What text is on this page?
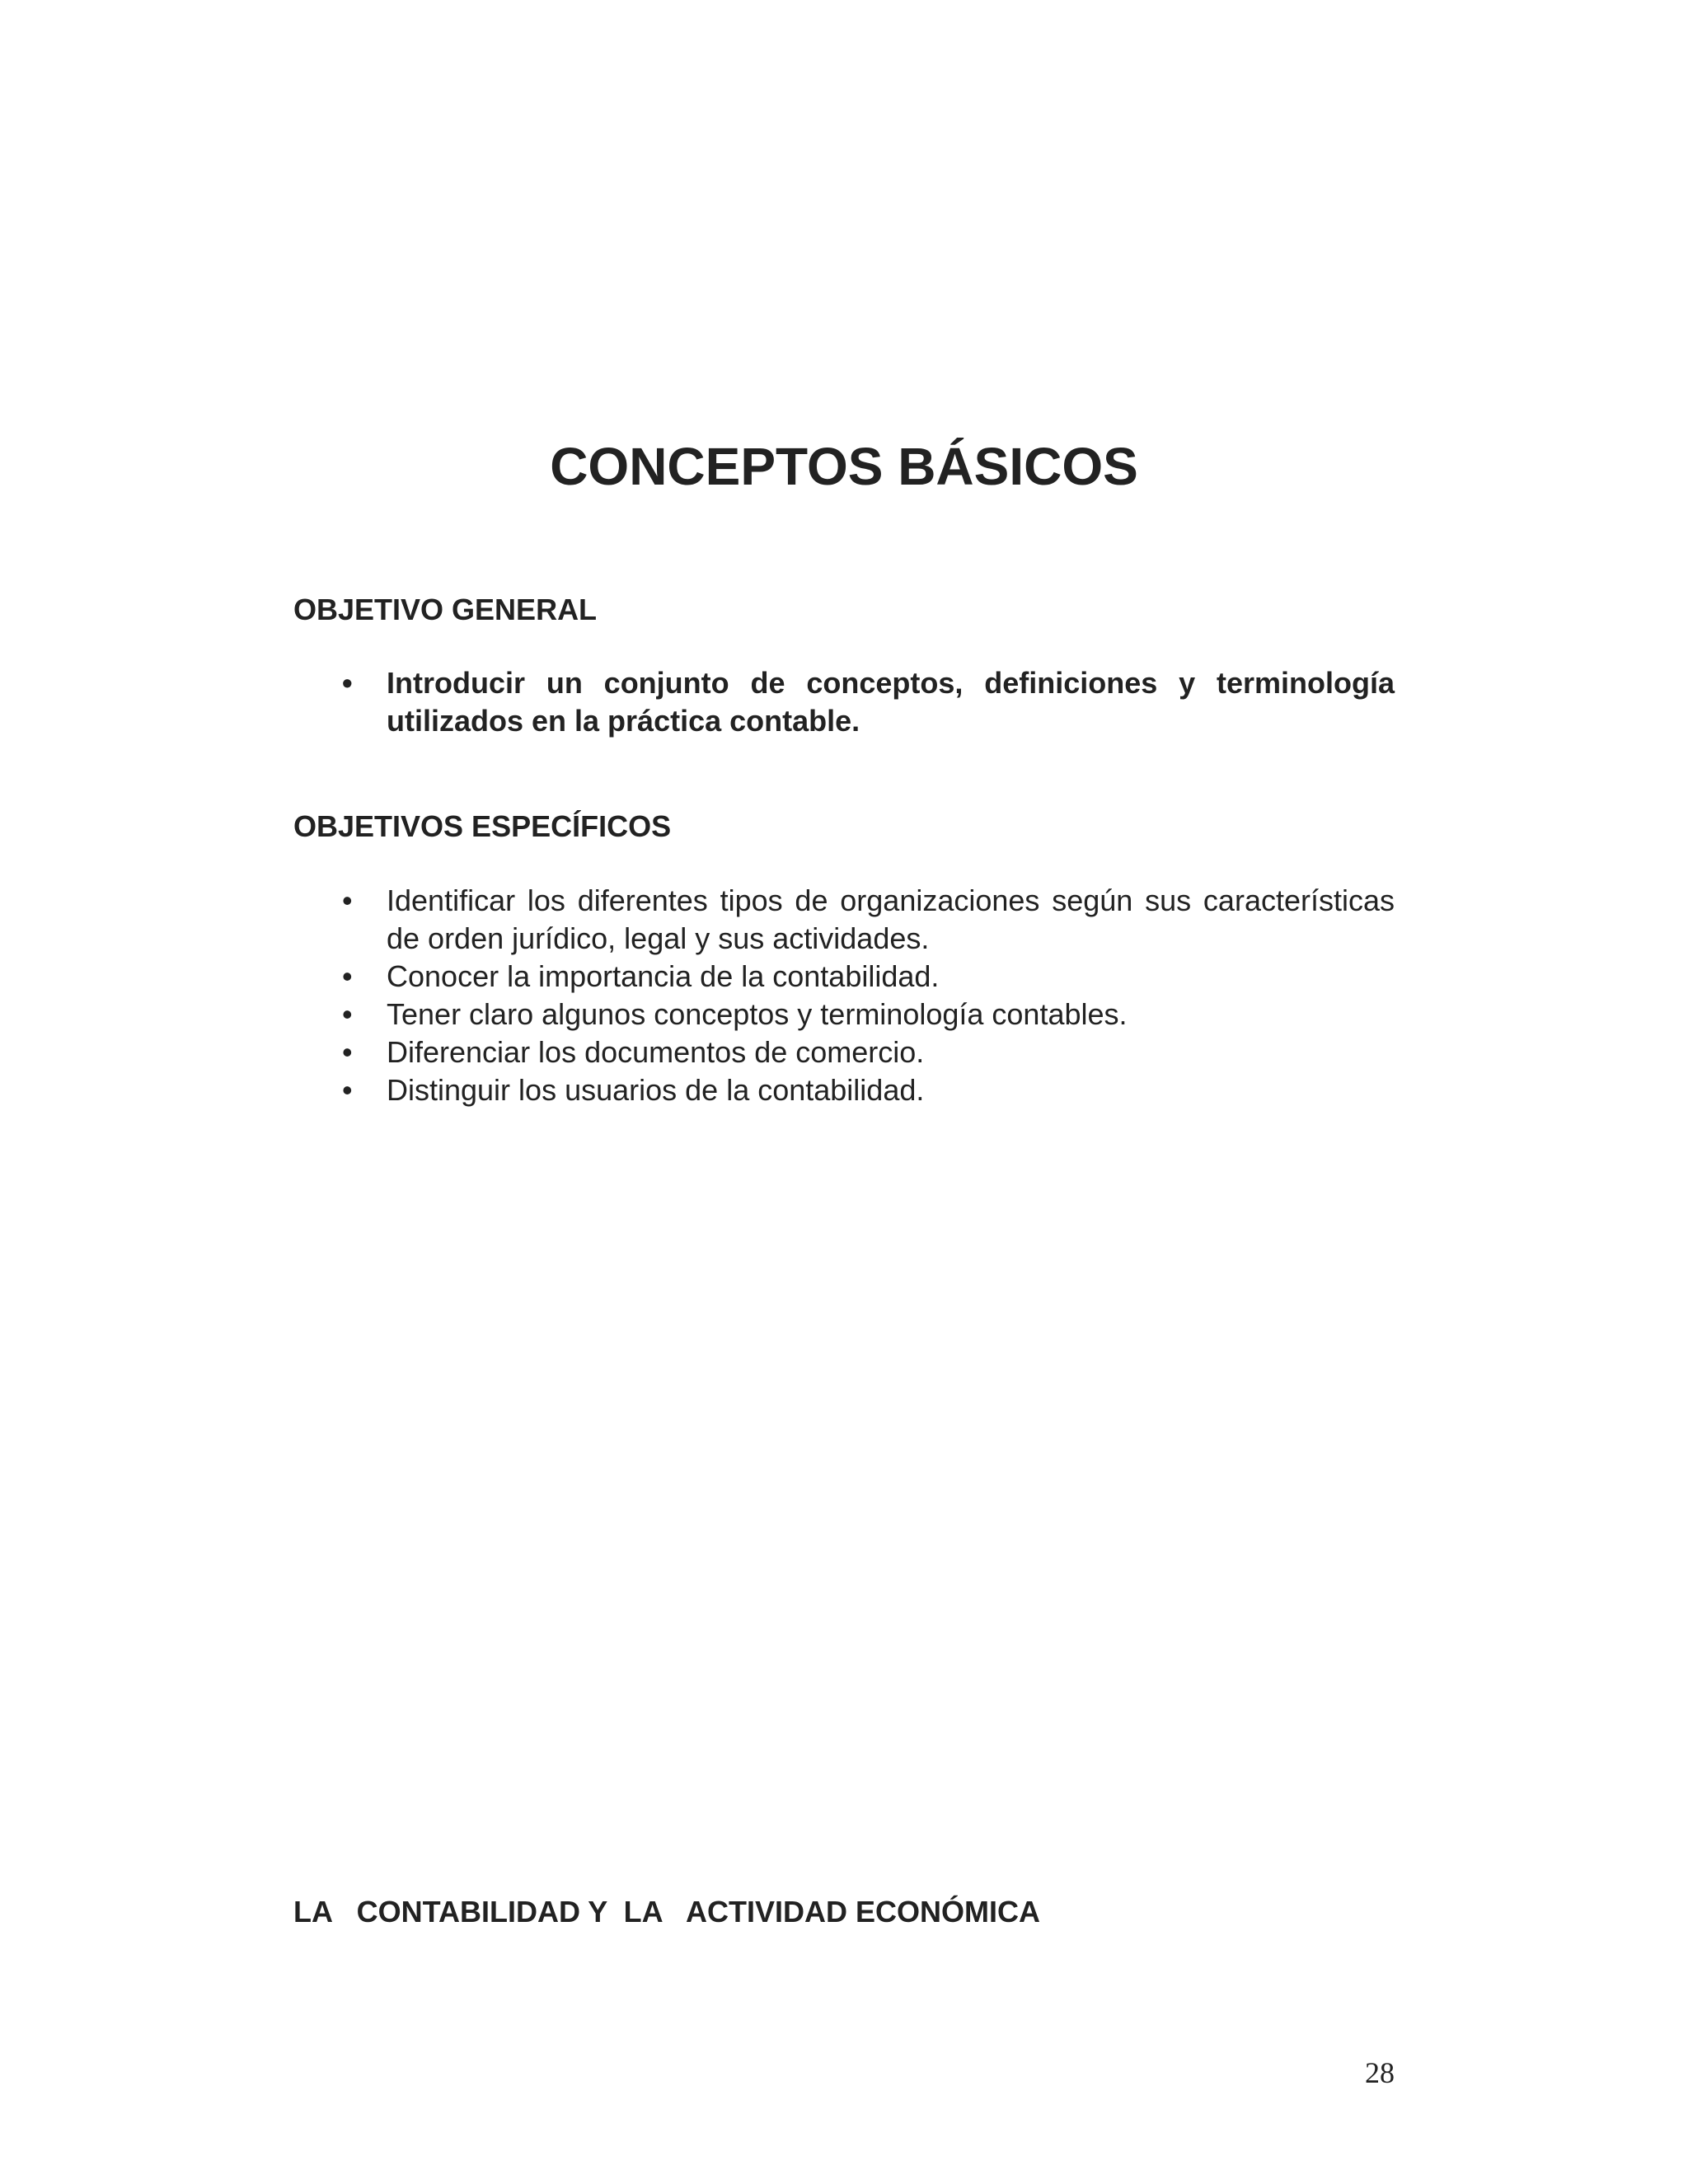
CONCEPTOS BÁSICOS
OBJETIVO GENERAL
• Introducir un conjunto de conceptos, definiciones y terminología utilizados en la práctica contable.
OBJETIVOS ESPECÍFICOS
• Identificar los diferentes tipos de organizaciones según sus características de orden jurídico, legal y sus actividades.
• Conocer la importancia de la contabilidad.
• Tener claro algunos conceptos y terminología contables.
• Diferenciar los documentos de comercio.
• Distinguir los usuarios de la contabilidad.
LA   CONTABILIDAD Y  LA   ACTIVIDAD ECONÓMICA
28
